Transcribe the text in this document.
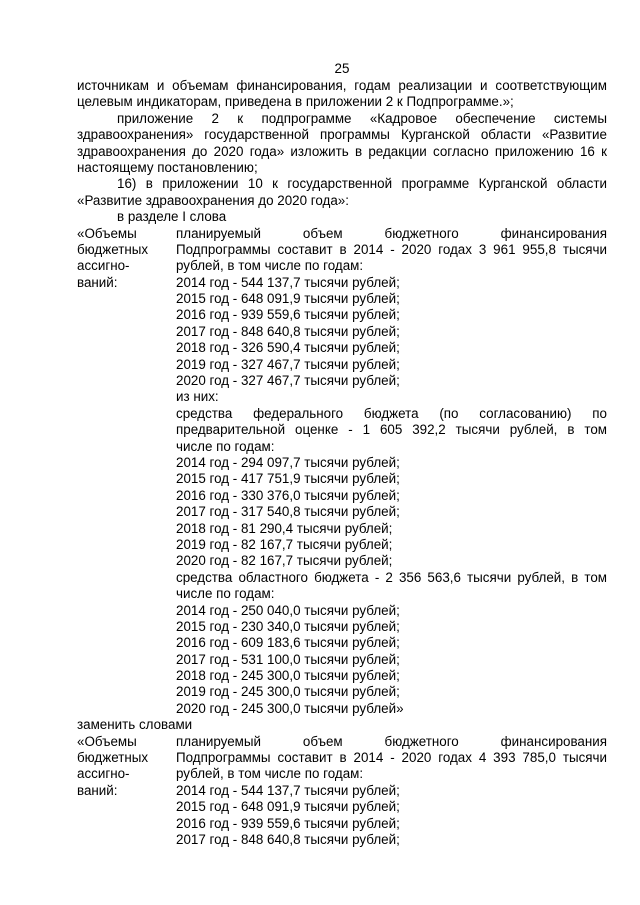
25
источникам и объемам финансирования, годам реализации и соответствующим
целевым индикаторам, приведена в приложении 2 к Подпрограмме.»;
приложение 2 к подпрограмме «Кадровое обеспечение системы
здравоохранения» государственной программы Курганской области «Развитие
здравоохранения до 2020 года» изложить в редакции согласно приложению 16 к
настоящему постановлению;
16) в приложении 10 к государственной программе Курганской области
«Развитие здравоохранения до 2020 года»:
в разделе I слова
«Объемы	планируемый объем бюджетного финансирования
бюджетных	Подпрограммы составит в 2014 - 2020 годах 3 961 955,8 тысячи
ассигно-	рублей, в том числе по годам:
ваний:	2014 год - 544 137,7 тысячи рублей;
2015 год - 648 091,9 тысячи рублей;
2016 год - 939 559,6 тысячи рублей;
2017 год - 848 640,8 тысячи рублей;
2018 год - 326 590,4 тысячи рублей;
2019 год - 327 467,7 тысячи рублей;
2020 год - 327 467,7 тысячи рублей;
из них:
средства федерального бюджета (по согласованию) по
предварительной оценке - 1 605 392,2 тысячи рублей, в том
числе по годам:
2014 год - 294 097,7 тысячи рублей;
2015 год - 417 751,9 тысячи рублей;
2016 год - 330 376,0 тысячи рублей;
2017 год - 317 540,8 тысячи рублей;
2018 год - 81 290,4 тысячи рублей;
2019 год - 82 167,7 тысячи рублей;
2020 год - 82 167,7 тысячи рублей;
средства областного бюджета - 2 356 563,6 тысячи рублей, в том
числе по годам:
2014 год - 250 040,0 тысячи рублей;
2015 год - 230 340,0 тысячи рублей;
2016 год - 609 183,6 тысячи рублей;
2017 год - 531 100,0 тысячи рублей;
2018 год - 245 300,0 тысячи рублей;
2019 год - 245 300,0 тысячи рублей;
2020 год - 245 300,0 тысячи рублей»
заменить словами
«Объемы	планируемый объем бюджетного финансирования
бюджетных	Подпрограммы составит в 2014 - 2020 годах 4 393 785,0 тысячи
ассигно-	рублей, в том числе по годам:
ваний:	2014 год - 544 137,7 тысячи рублей;
2015 год - 648 091,9 тысячи рублей;
2016 год - 939 559,6 тысячи рублей;
2017 год - 848 640,8 тысячи рублей;
